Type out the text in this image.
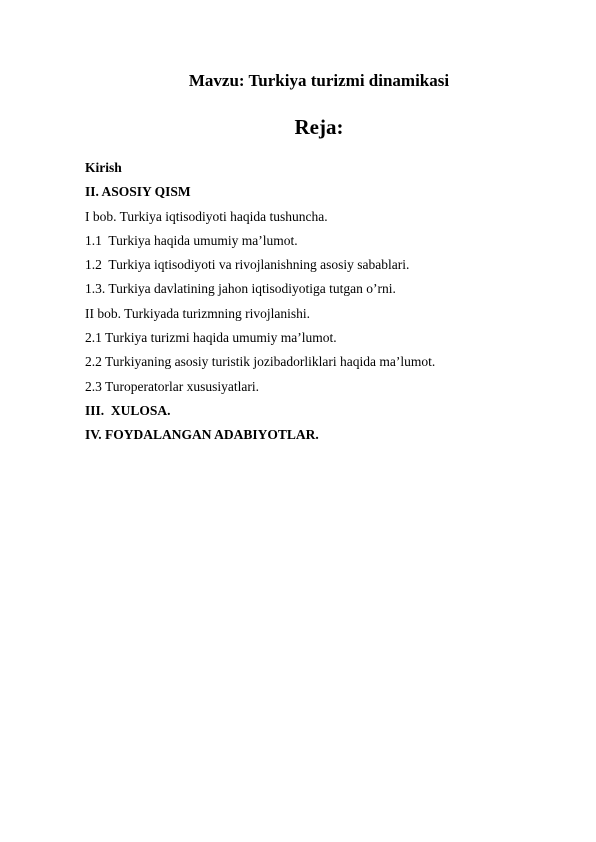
Mavzu: Turkiya turizmi dinamikasi
Reja:
Kirish
II. ASOSIY QISM
I bob. Turkiya iqtisodiyoti haqida tushuncha.
1.1  Turkiya haqida umumiy ma’lumot.
1.2  Turkiya iqtisodiyoti va rivojlanishning asosiy sabablari.
1.3. Turkiya davlatining jahon iqtisodiyotiga tutgan o’rni.
II bob. Turkiyada turizmning rivojlanishi.
2.1 Turkiya turizmi haqida umumiy ma’lumot.
2.2 Turkiyaning asosiy turistik jozibadorliklari haqida ma’lumot.
2.3 Turoperatorlar xususiyatlari.
III.  XULOSA.
IV. FOYDALANGAN ADABIYOTLAR.
